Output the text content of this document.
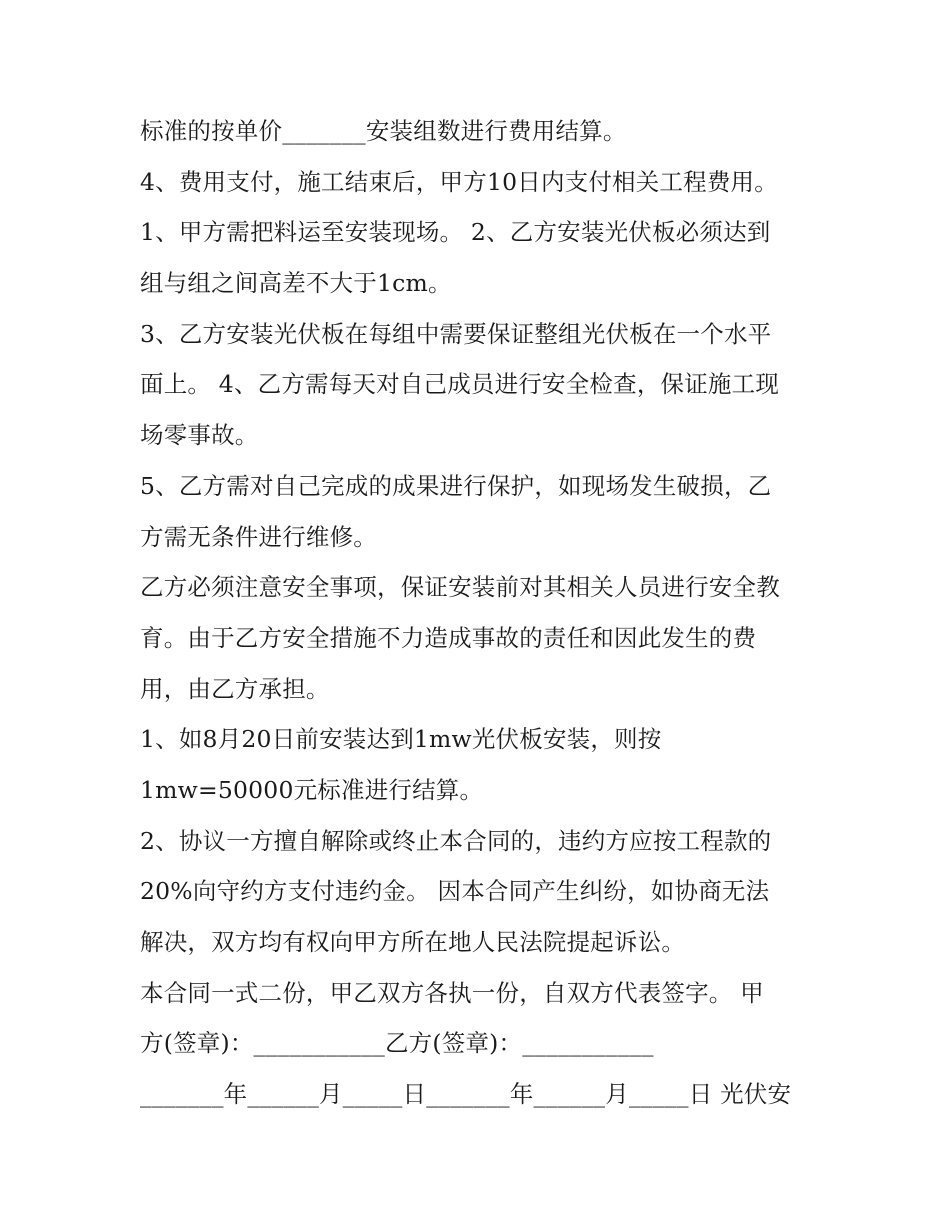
标准的按单价_______安装组数进行费用结算。
4、费用支付，施工结束后，甲方10日内支付相关工程费用。
1、甲方需把料运至安装现场。 2、乙方安装光伏板必须达到
组与组之间高差不大于1cm。
3、乙方安装光伏板在每组中需要保证整组光伏板在一个水平
面上。 4、乙方需每天对自己成员进行安全检查，保证施工现
场零事故。
5、乙方需对自己完成的成果进行保护，如现场发生破损，乙
方需无条件进行维修。
乙方必须注意安全事项，保证安装前对其相关人员进行安全教
育。由于乙方安全措施不力造成事故的责任和因此发生的费
用，由乙方承担。
1、如8月20日前安装达到1mw光伏板安装，则按
1mw=50000元标准进行结算。
2、协议一方擅自解除或终止本合同的，违约方应按工程款的
20%向守约方支付违约金。 因本合同产生纠纷，如协商无法
解决，双方均有权向甲方所在地人民法院提起诉讼。
本合同一式二份，甲乙双方各执一份，自双方代表签字。 甲
方(签章)：___________乙方(签章)：___________
_______年______月_____日_______年______月_____日 光伏安
